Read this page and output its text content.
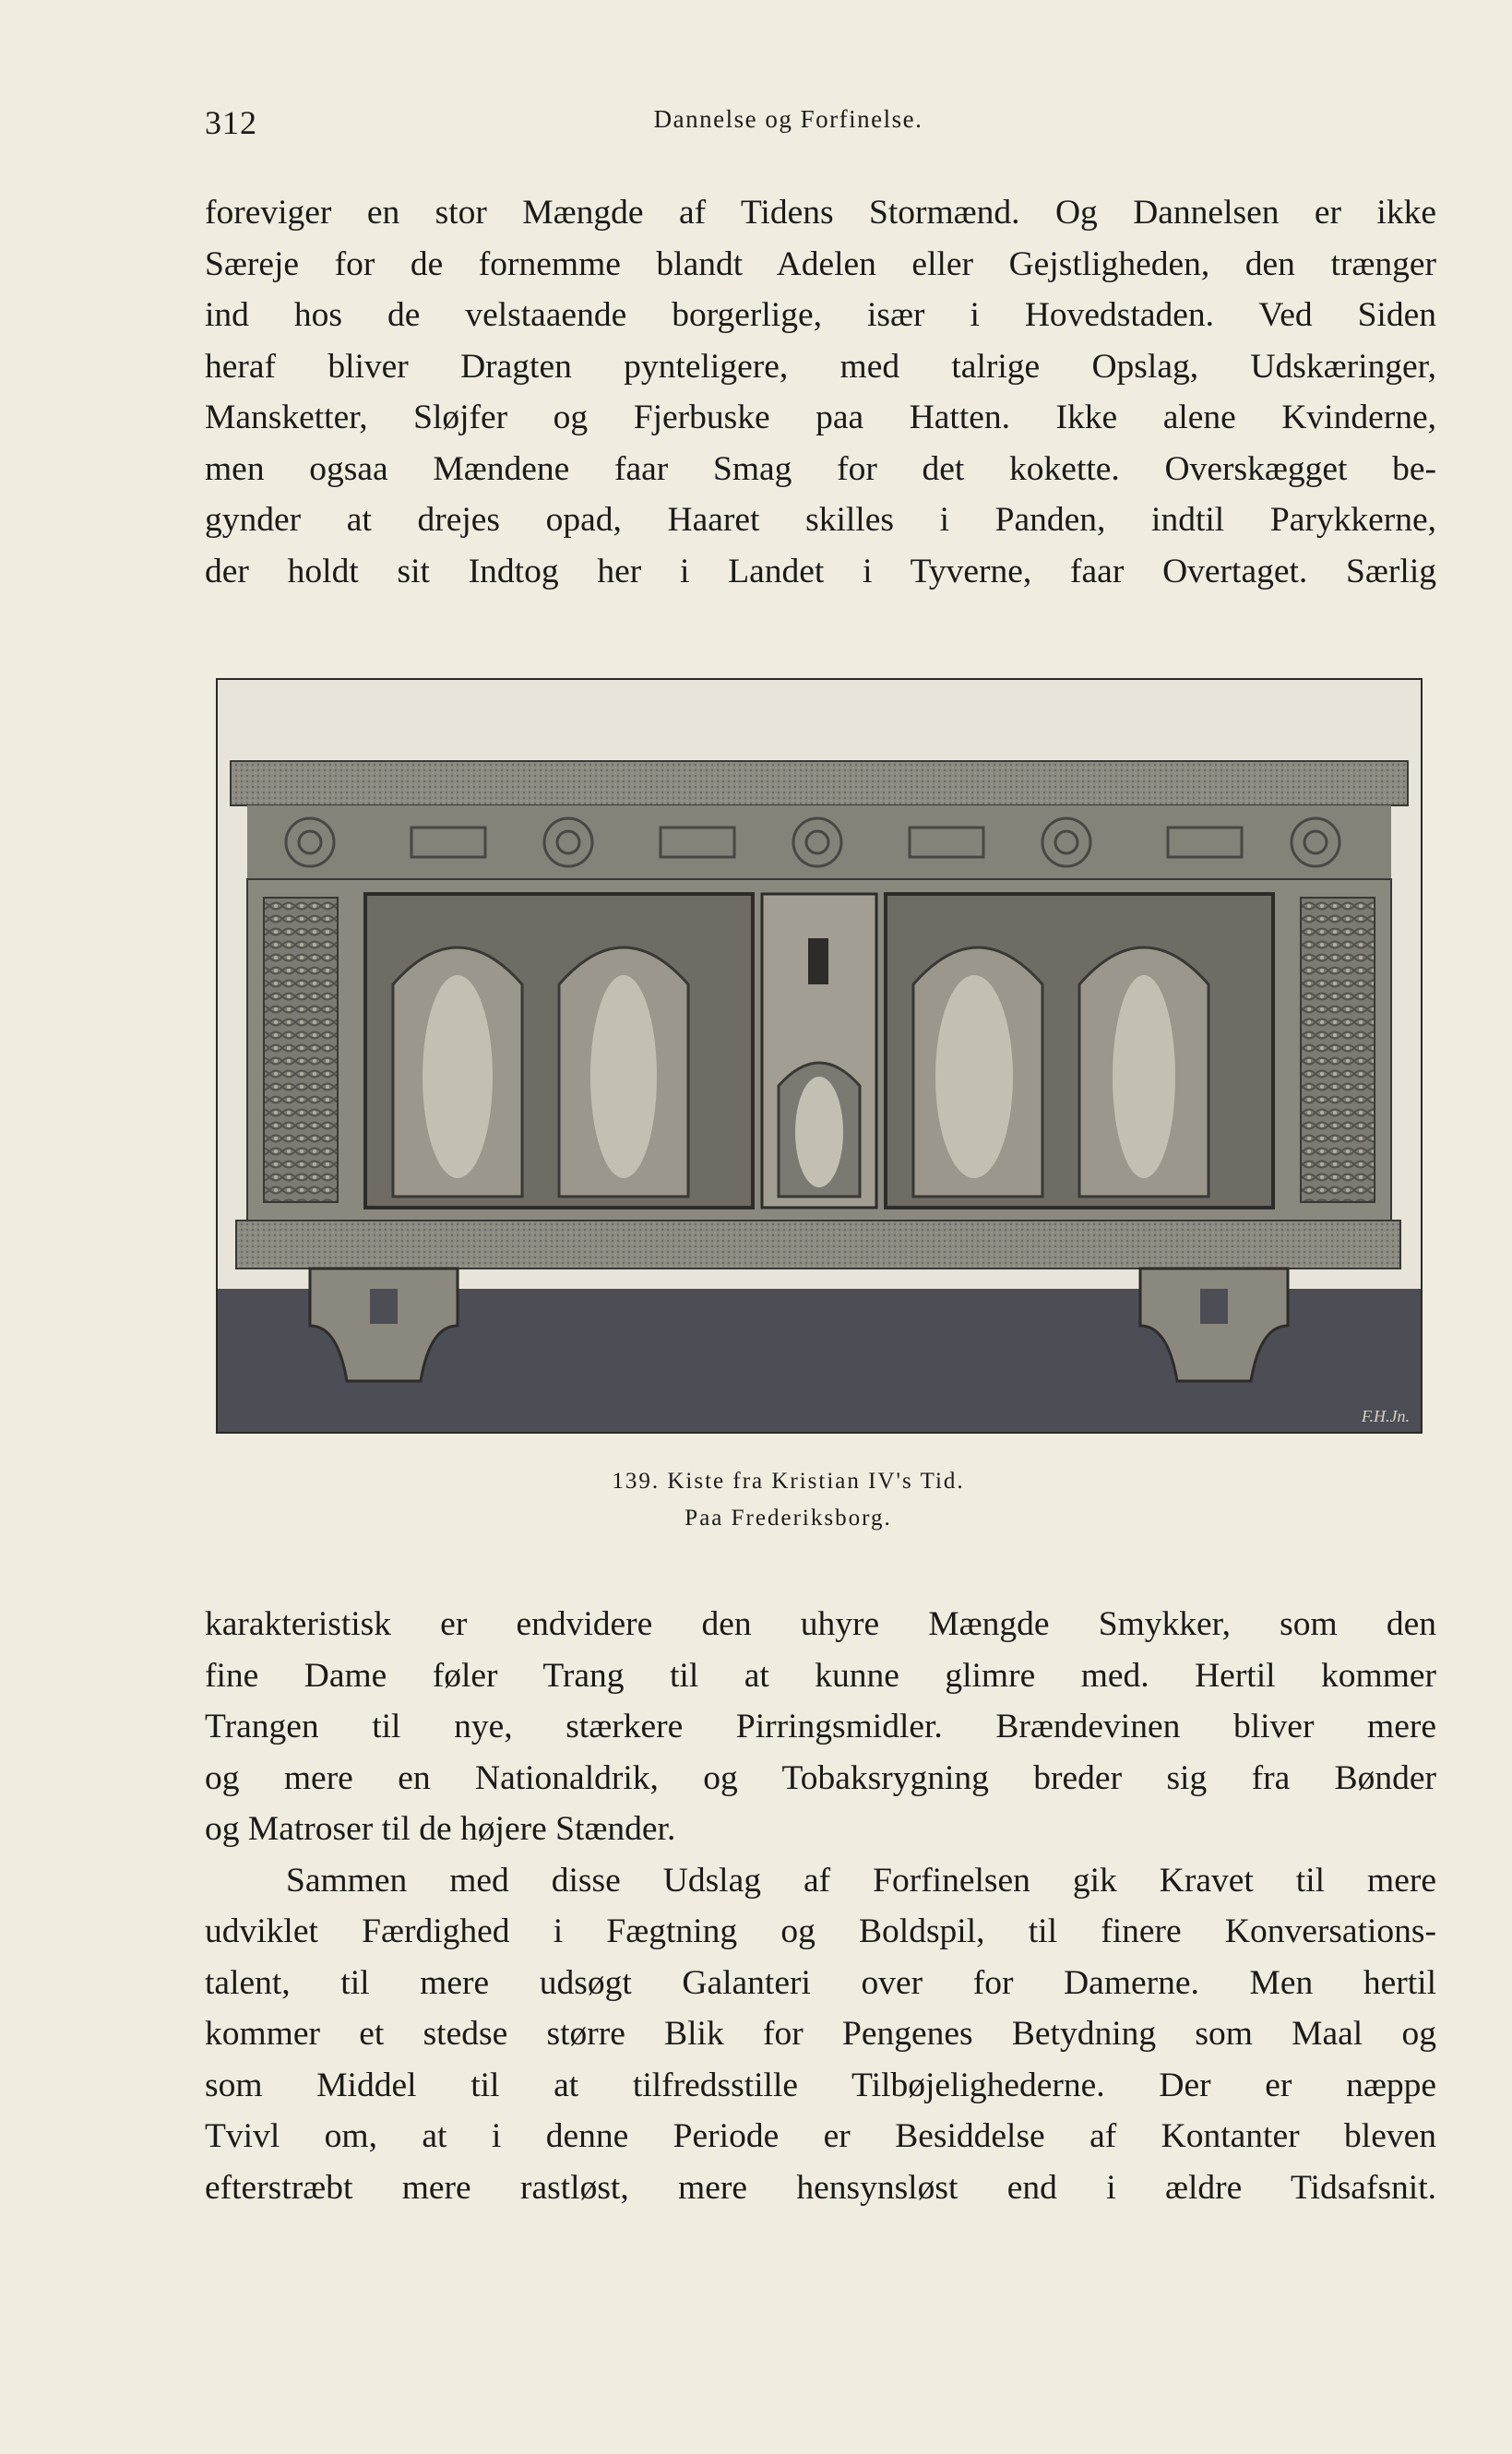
312	Dannelse og Forfinelse.
foreviger en stor Mængde af Tidens Stormænd. Og Dannelsen er ikke
Særeje for de fornemme blandt Adelen eller Gejstligheden, den trænger
ind hos de velstaaende borgerlige, især i Hovedstaden. Ved Siden
heraf bliver Dragten pynteligere, med talrige Opslag, Udskæringer,
Mansketter, Sløjfer og Fjerbuske paa Hatten. Ikke alene Kvinderne,
men ogsaa Mændene faar Smag for det kokette. Overskægget be-
gynder at drejes opad, Haaret skilles i Panden, indtil Parykkerne,
der holdt sit Indtog her i Landet i Tyverne, faar Overtaget. Særlig
F.H.Jn.
139. Kiste fra Kristian IV's Tid.
Paa Frederiksborg.
karakteristisk er endvidere den uhyre Mængde Smykker, som den
fine Dame føler Trang til at kunne glimre med. Hertil kommer
Trangen til nye, stærkere Pirringsmidler. Brændevinen bliver mere
og mere en Nationaldrik, og Tobaksrygning breder sig fra Bønder
og Matroser til de højere Stænder.
Sammen med disse Udslag af Forfinelsen gik Kravet til mere
udviklet Færdighed i Fægtning og Boldspil, til finere Konversations-
talent, til mere udsøgt Galanteri over for Damerne. Men hertil
kommer et stedse større Blik for Pengenes Betydning som Maal og
som Middel til at tilfredsstille Tilbøjelighederne. Der er næppe
Tvivl om, at i denne Periode er Besiddelse af Kontanter bleven
efterstræbt mere rastløst, mere hensynsløst end i ældre Tidsafsnit.
